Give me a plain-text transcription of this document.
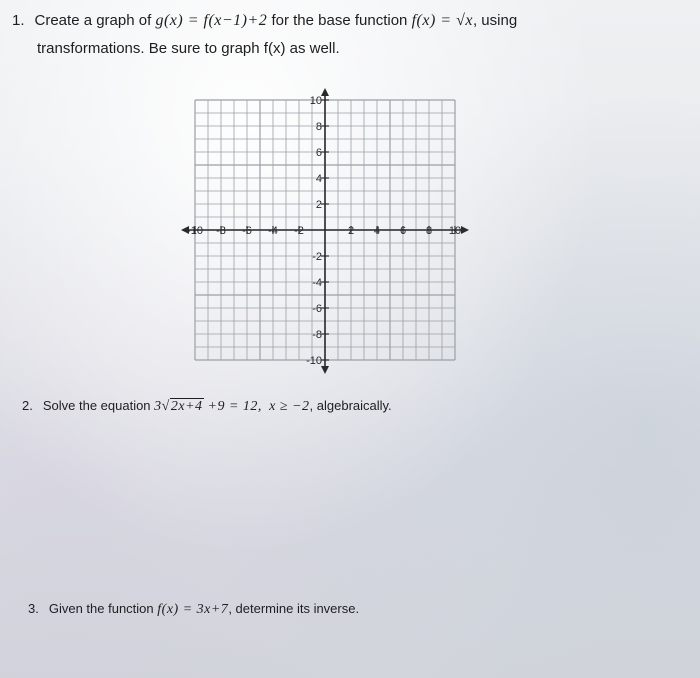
1. Create a graph of g(x) = f(x−1)+2 for the base function f(x) = √x, using
transformations. Be sure to graph f(x) as well.
-10 -8 -6 -4 -2	2 4 6 8 10
10
8
6
4
2
-2
-4
-6
-8
-10
2. Solve the equation 3√2x+4 +9 = 12, x ≥ −2, algebraically.
3. Given the function f(x) = 3x+7, determine its inverse.
